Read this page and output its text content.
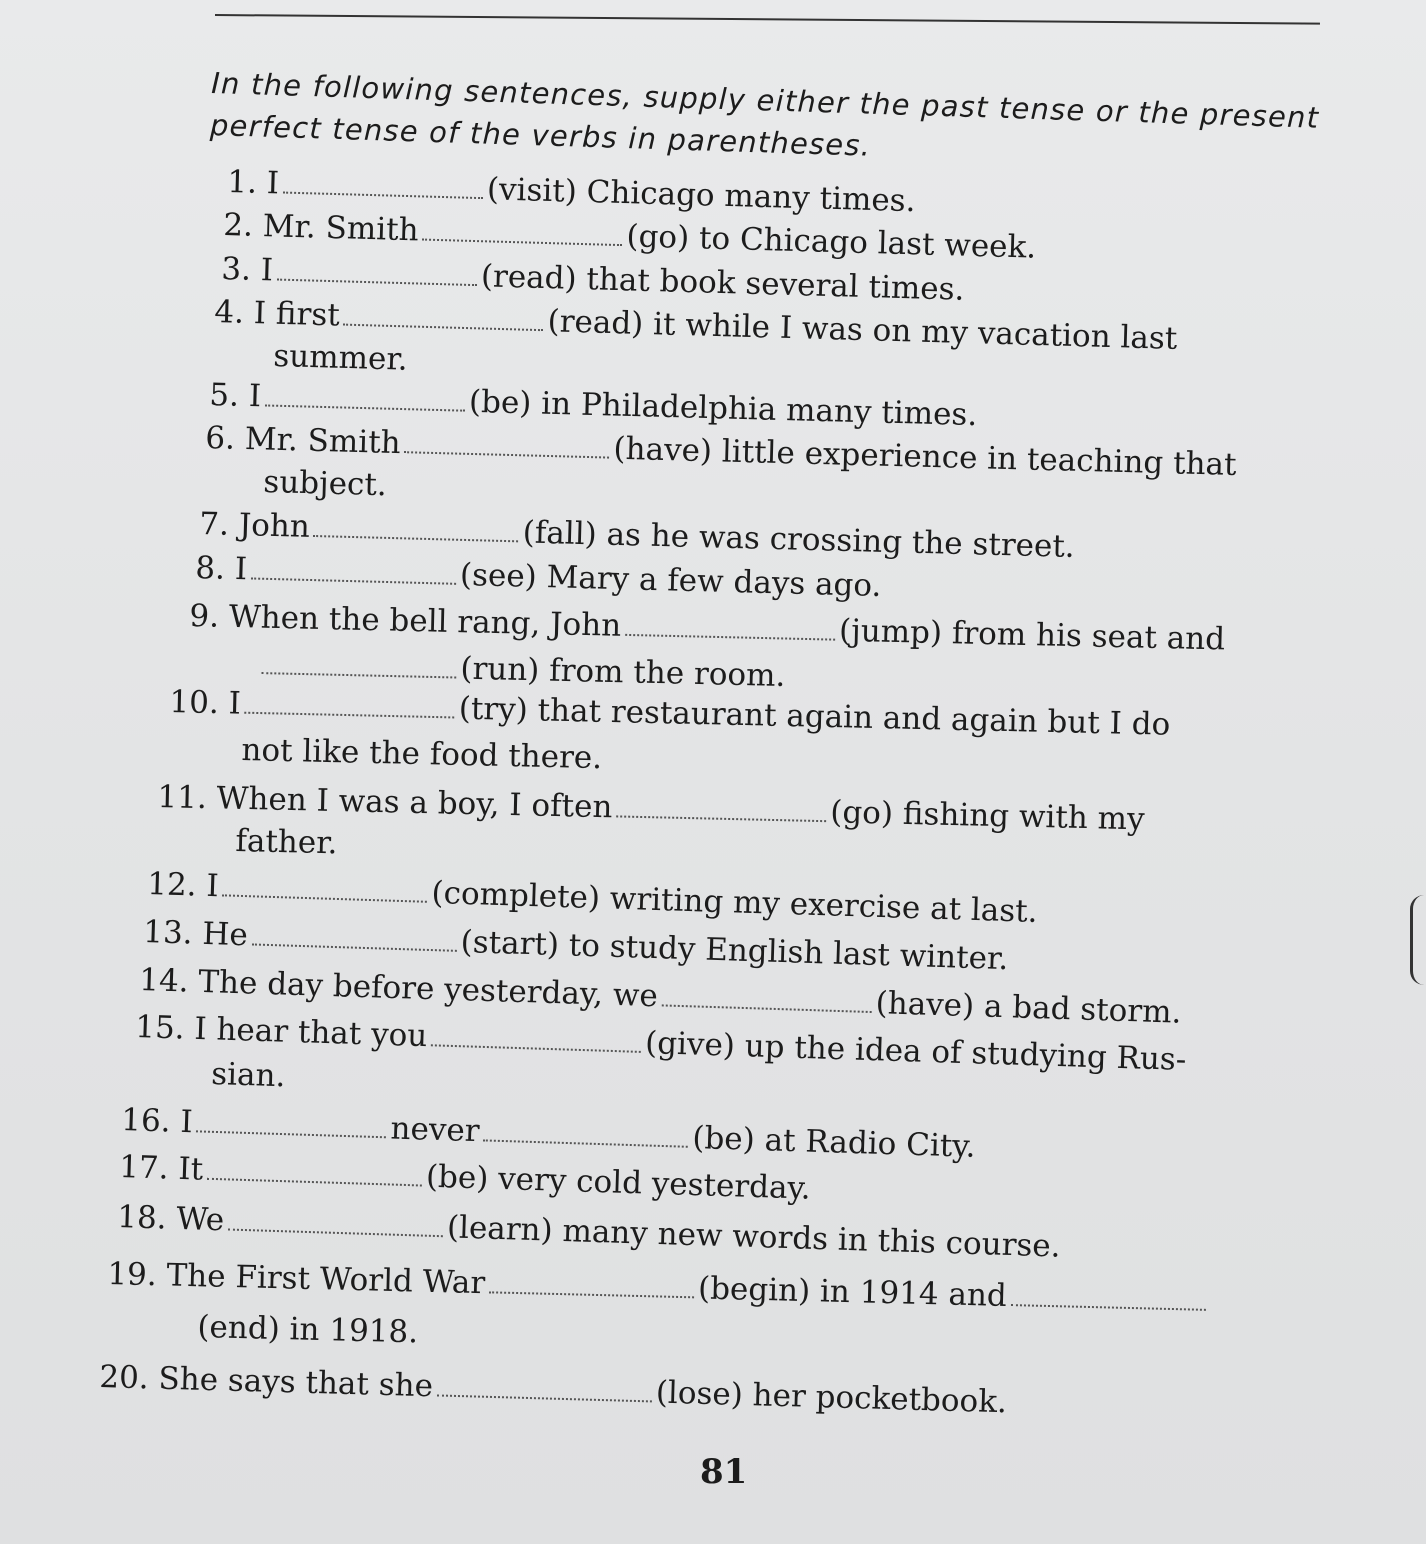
In the following sentences, supply either the past tense or the present perfect tense of the verbs in parentheses.
1. I	(visit) Chicago many times.
2. Mr. Smith	(go) to Chicago last week.
3. I	(read) that book several times.
4. I first	(read) it while I was on my vacation last
summer.
5. I	(be) in Philadelphia many times.
6. Mr. Smith	(have) little experience in teaching that
subject.
7. John	(fall) as he was crossing the street.
8. I	(see) Mary a few days ago.
9. When the bell rang, John	(jump) from his seat and
(run) from the room.
10. I	(try) that restaurant again and again but I do
not like the food there.
11. When I was a boy, I often	(go) fishing with my
father.
12. I	(complete) writing my exercise at last.
13. He	(start) to study English last winter.
14. The day before yesterday, we	(have) a bad storm.
15. I hear that you	(give) up the idea of studying Rus-
sian.
16. I	never	(be) at Radio City.
17. It	(be) very cold yesterday.
18. We	(learn) many new words in this course.
19. The First World War	(begin) in 1914 and
(end) in 1918.
20. She says that she	(lose) her pocketbook.
81
